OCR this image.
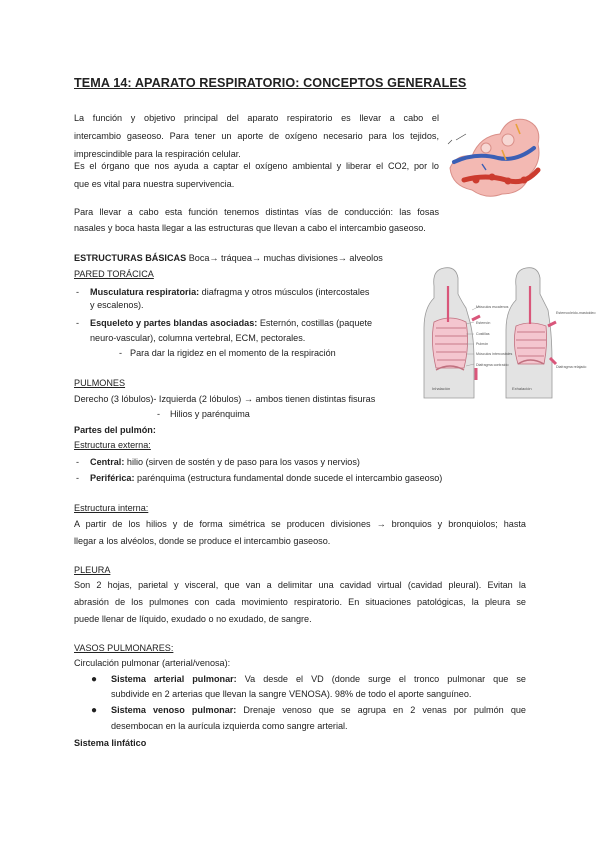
TEMA 14: APARATO RESPIRATORIO: CONCEPTOS GENERALES
La función y objetivo principal del aparato respiratorio es llevar a cabo el
intercambio gaseoso. Para tener un aporte de oxígeno necesario para los tejidos,
imprescindible para la respiración celular.
Es el órgano que nos ayuda a captar el oxígeno ambiental y liberar el CO2, por lo
que es vital para nuestra supervivencia.
Para llevar a cabo esta función tenemos distintas vías de conducción: las fosas
nasales y boca hasta llegar a las estructuras que llevan a cabo el intercambio gaseoso.
ESTRUCTURAS BÁSICAS Boca→ tráquea→ muchas divisiones→ alveolos
PARED TORÁCICA
- Musculatura respiratoria: diafragma y otros músculos (intercostales
y escalenos).
- Esqueleto y partes blandas asociadas: Esternón, costillas (paquete
neuro-vascular), columna vertebral, ECM, pectorales.
- Para dar la rigidez en el momento de la respiración
Músculos escalenos
Esternón
Costillas
Pulmón
Músculos intercostales
Diafragma contraído
Esternocleido-mastoideo
Diafragma relajado
Inhalación	Exhalación
PULMONES
Derecho (3 lóbulos)- Izquierda (2 lóbulos) → ambos tienen distintas fisuras
- Hilios y parénquima
Partes del pulmón:
Estructura externa:
- Central: hilio (sirven de sostén y de paso para los vasos y nervios)
- Periférica: parénquima (estructura fundamental donde sucede el intercambio gaseoso)
Estructura interna:
A partir de los hilios y de forma simétrica se producen divisiones → bronquios y bronquiolos; hasta
llegar a los alvéolos, donde se produce el intercambio gaseoso.
PLEURA
Son 2 hojas, parietal y visceral, que van a delimitar una cavidad virtual (cavidad pleural). Evitan la
abrasión de los pulmones con cada movimiento respiratorio. En situaciones patológicas, la pleura se
puede llenar de líquido, exudado o no exudado, de sangre.
VASOS PULMONARES:
Circulación pulmonar (arterial/venosa):
● Sistema arterial pulmonar: Va desde el VD (donde surge el tronco pulmonar que se
subdivide en 2 arterias que llevan la sangre VENOSA). 98% de todo el aporte sanguíneo.
● Sistema venoso pulmonar: Drenaje venoso que se agrupa en 2 venas por pulmón que
desembocan en la aurícula izquierda como sangre arterial.
Sistema linfático
